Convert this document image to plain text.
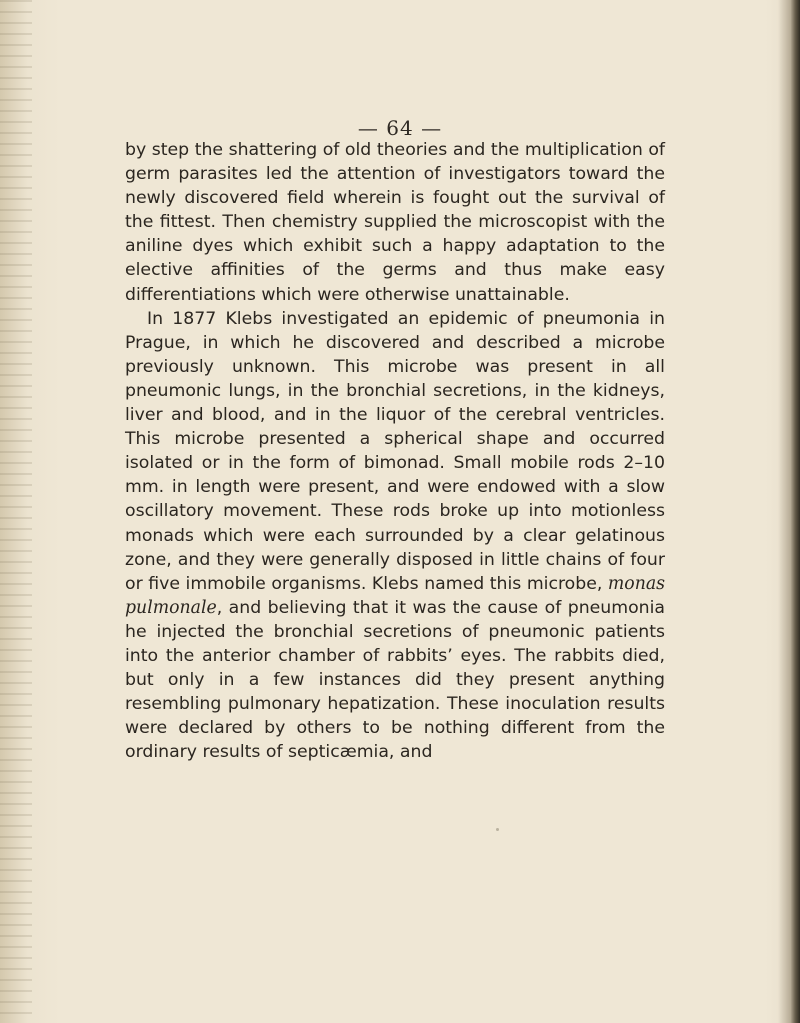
— 64 —
by step the shattering of old theories and the multiplication of germ parasites led the attention of investigators toward the newly discovered field wherein is fought out the survival of the fittest. Then chemistry supplied the microscopist with the aniline dyes which exhibit such a happy adaptation to the elective affinities of the germs and thus make easy differentiations which were otherwise unattainable.
In 1877 Klebs investigated an epidemic of pneumonia in Prague, in which he discovered and described a microbe previously unknown. This microbe was present in all pneumonic lungs, in the bronchial secretions, in the kidneys, liver and blood, and in the liquor of the cerebral ventricles. This microbe presented a spherical shape and occurred isolated or in the form of bimonad. Small mobile rods 2–10 mm. in length were present, and were endowed with a slow oscillatory movement. These rods broke up into motionless monads which were each surrounded by a clear gelatinous zone, and they were generally disposed in little chains of four or five immobile organisms. Klebs named this microbe, monas pulmonale, and believing that it was the cause of pneumonia he injected the bronchial secretions of pneumonic patients into the anterior chamber of rabbits’ eyes. The rabbits died, but only in a few instances did they present anything resembling pulmonary hepatization. These inoculation results were declared by others to be nothing different from the ordinary results of septicæmia, and
